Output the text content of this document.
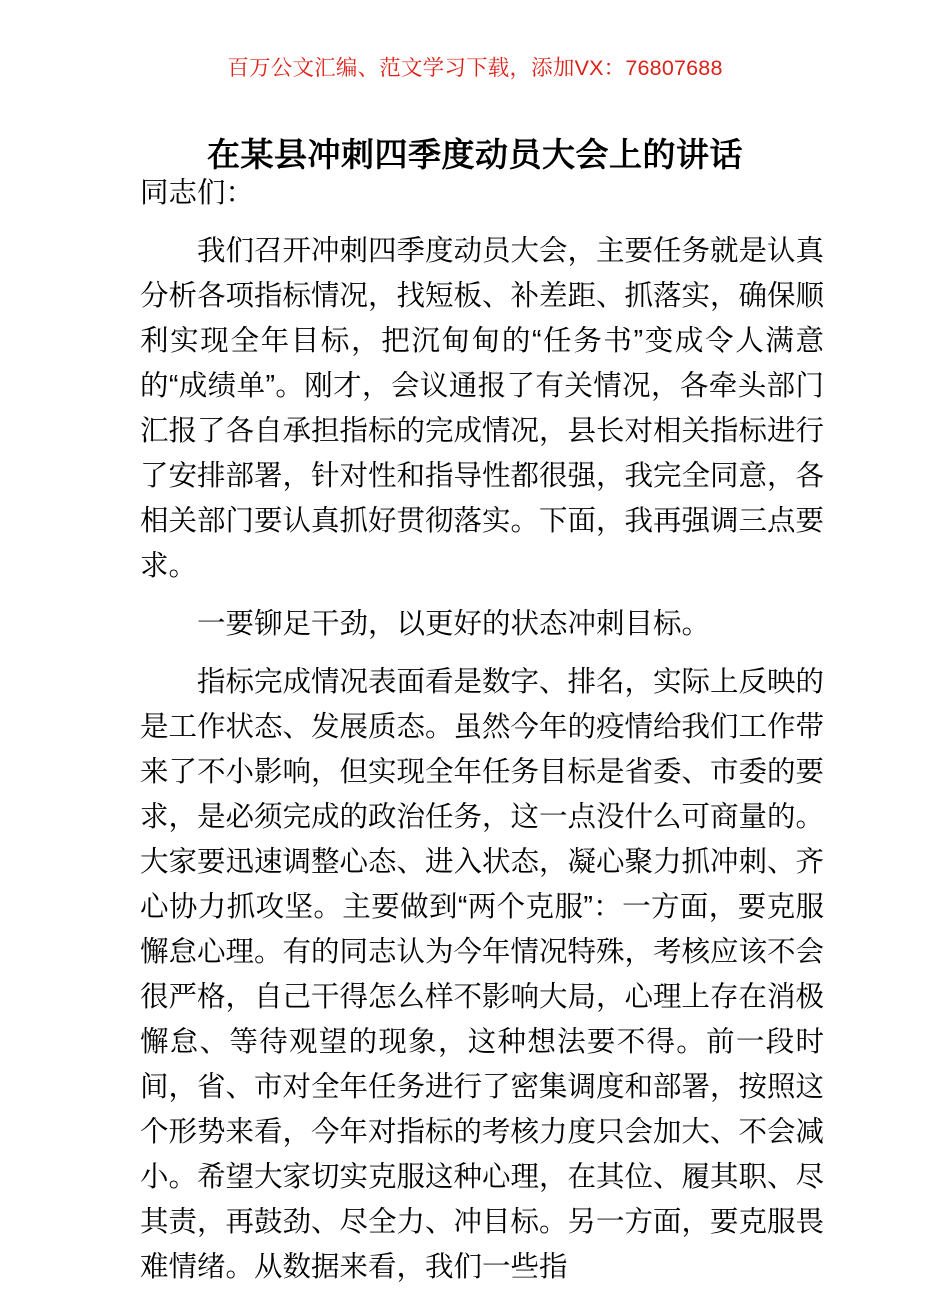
百万公文汇编、范文学习下载，添加VX：76807688
在某县冲刺四季度动员大会上的讲话

同志们：

我们召开冲刺四季度动员大会，主要任务就是认真分析各项指标情况，找短板、补差距、抓落实，确保顺利实现全年目标，把沉甸甸的“任务书”变成令人满意的“成绩单”。刚才，会议通报了有关情况，各牵头部门汇报了各自承担指标的完成情况，县长对相关指标进行了安排部署，针对性和指导性都很强，我完全同意，各相关部门要认真抓好贯彻落实。下面，我再强调三点要求。

一要铆足干劲，以更好的状态冲刺目标。

指标完成情况表面看是数字、排名，实际上反映的是工作状态、发展质态。虽然今年的疫情给我们工作带来了不小影响，但实现全年任务目标是省委、市委的要求，是必须完成的政治任务，这一点没什么可商量的。大家要迅速调整心态、进入状态，凝心聚力抓冲刺、齐心协力抓攻坚。主要做到“两个克服”：一方面，要克服懈怠心理。有的同志认为今年情况特殊，考核应该不会很严格，自己干得怎么样不影响大局，心理上存在消极懈怠、等待观望的现象，这种想法要不得。前一段时间，省、市对全年任务进行了密集调度和部署，按照这个形势来看，今年对指标的考核力度只会加大、不会减小。希望大家切实克服这种心理，在其位、履其职、尽其责，再鼓劲、尽全力、冲目标。另一方面，要克服畏难情绪。从数据来看，我们一些指
